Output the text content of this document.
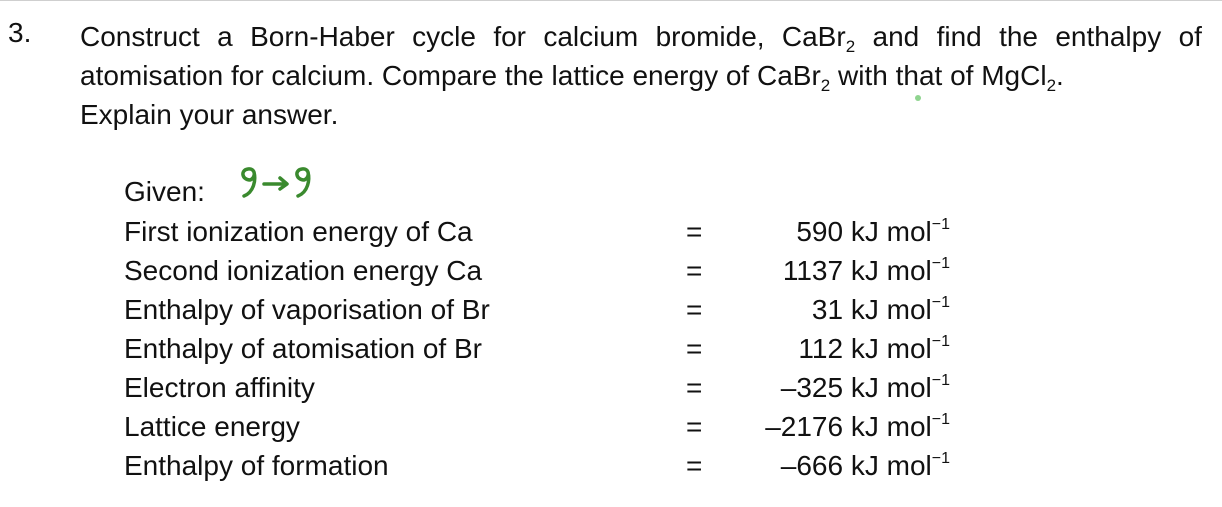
3. Construct a Born-Haber cycle for calcium bromide, CaBr$_2$ and find the enthalpy of
atomisation for calcium. Compare the lattice energy of CaBr$_2$ with that of MgCl$_2$.
Explain your answer.
Given:
First ionization energy of Ca	=	590 kJ mol$^{-1}$
Second ionization energy Ca	=	1137 kJ mol$^{-1}$
Enthalpy of vaporisation of Br	=	31 kJ mol$^{-1}$
Enthalpy of atomisation of Br	=	112 kJ mol$^{-1}$
Electron affinity	=	–325 kJ mol$^{-1}$
Lattice energy	=	–2176 kJ mol$^{-1}$
Enthalpy of formation	=	–666 kJ mol$^{-1}$
